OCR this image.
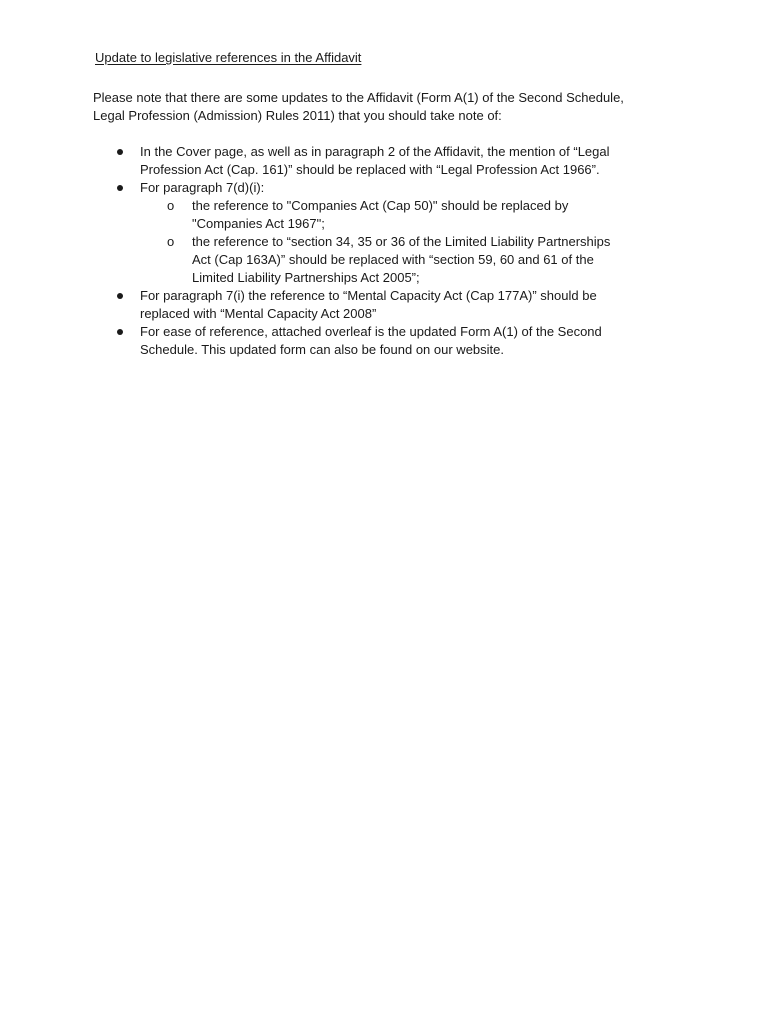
Update to legislative references in the Affidavit

Please note that there are some updates to the Affidavit (Form A(1) of the Second Schedule,
Legal Profession (Admission) Rules 2011) that you should take note of:

In the Cover page, as well as in paragraph 2 of the Affidavit, the mention of “Legal
Profession Act (Cap. 161)” should be replaced with “Legal Profession Act 1966”.
For paragraph 7(d)(i):
o the reference to "Companies Act (Cap 50)" should be replaced by
"Companies Act 1967";
o the reference to “section 34, 35 or 36 of the Limited Liability Partnerships
Act (Cap 163A)” should be replaced with “section 59, 60 and 61 of the
Limited Liability Partnerships Act 2005”;
For paragraph 7(i) the reference to “Mental Capacity Act (Cap 177A)” should be
replaced with “Mental Capacity Act 2008”
For ease of reference, attached overleaf is the updated Form A(1) of the Second
Schedule. This updated form can also be found on our website.
